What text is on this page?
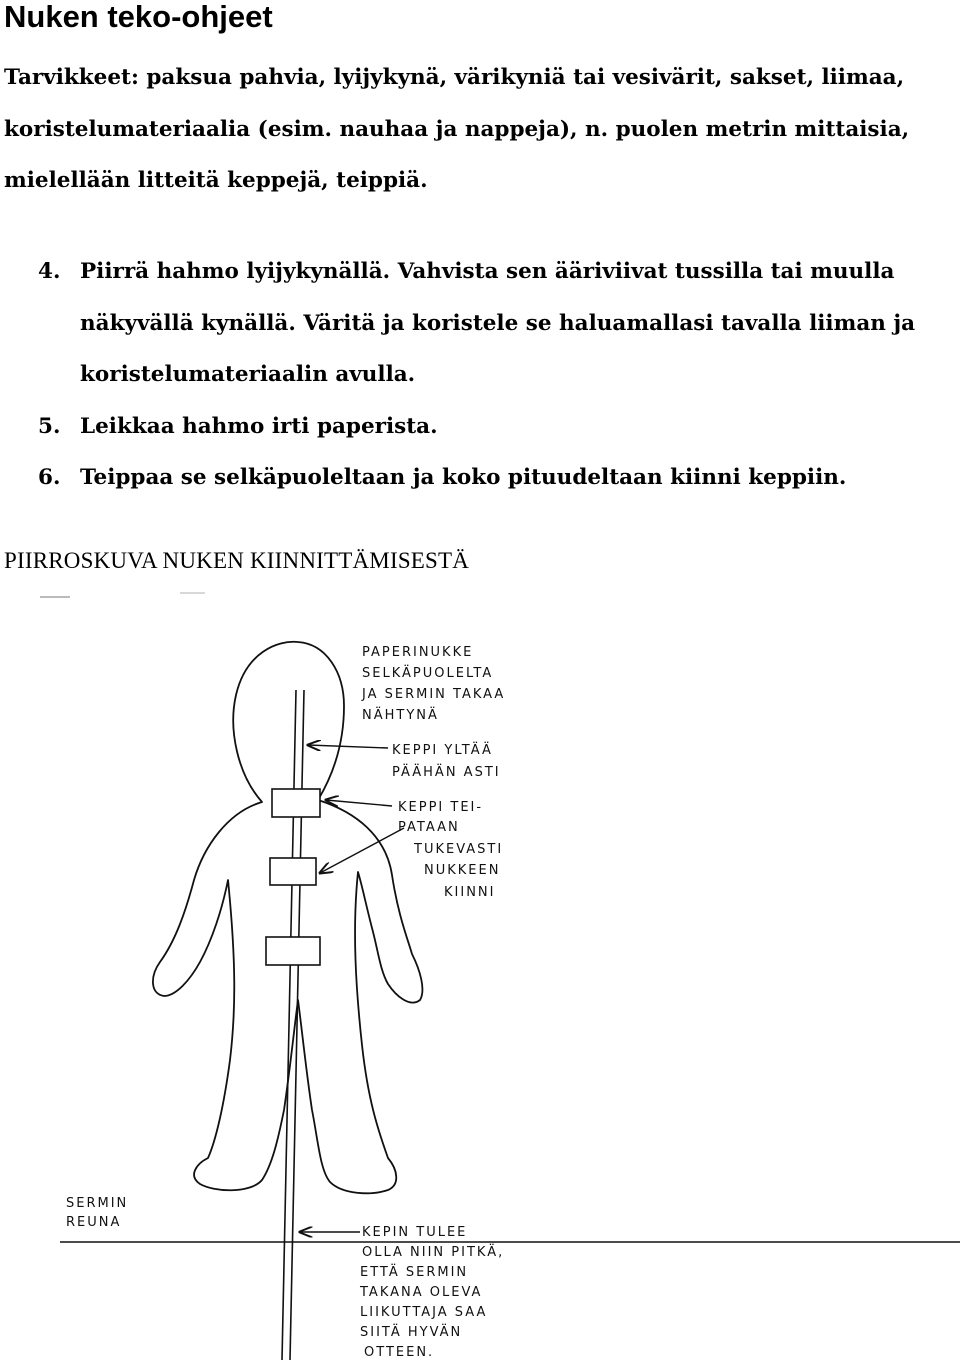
Nuken teko-ohjeet

Tarvikkeet: paksua pahvia, lyijykynä, värikyniä tai vesivärit, sakset, liimaa, koristelumateriaalia (esim. nauhaa ja nappeja), n. puolen metrin mittaisia, mielellään litteitä keppejä, teippiä.

4. Piirrä hahmo lyijykynällä. Vahvista sen ääriviivat tussilla tai muulla näkyvällä kynällä. Väritä ja koristele se haluamallasi tavalla liiman ja koristelumateriaalin avulla.
5. Leikkaa hahmo irti paperista.
6. Teippaa se selkäpuoleltaan ja koko pituudeltaan kiinni keppiin.
PIIRROSKUVA NUKEN KIINNITTÄMISESTÄ
PAPERINUKKE
SELKÄPUOLELTA
JA SERMIN TAKAA
NÄHTYNÄ
KEPPI YLTÄÄ
PÄÄHÄN ASTI
KEPPI TEI-
PATAAN
TUKEVASTI
NUKKEEN
KIINNI
SERMIN
REUNA
KEPIN TULEE
OLLA NIIN PITKÄ,
ETTÄ SERMIN
TAKANA OLEVA
LIIKUTTAJA SAA
SIITÄ HYVÄN
OTTEEN.
